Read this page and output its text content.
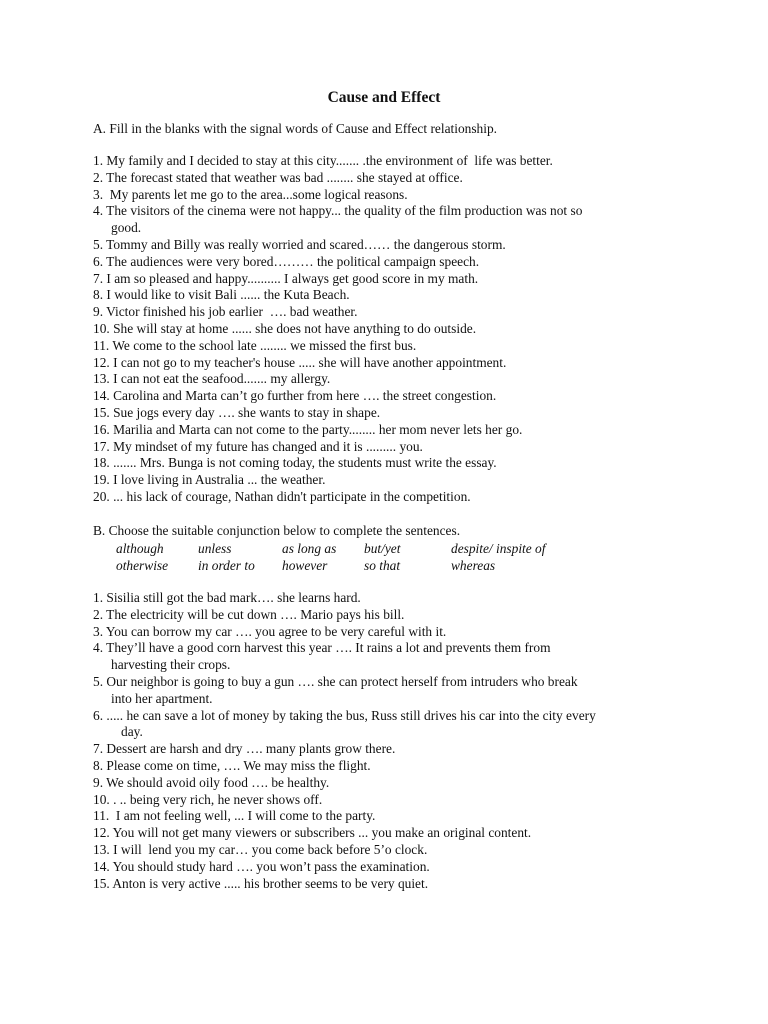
Cause and Effect
A. Fill in the blanks with the signal words of Cause and Effect relationship.
1. My family and I decided to stay at this city....... .the environment of  life was better.
2. The forecast stated that weather was bad ........ she stayed at office.
3.  My parents let me go to the area...some logical reasons.
4. The visitors of the cinema were not happy... the quality of the film production was not so
good.
5. Tommy and Billy was really worried and scared…… the dangerous storm.
6. The audiences were very bored……… the political campaign speech.
7. I am so pleased and happy.......... I always get good score in my math.
8. I would like to visit Bali ...... the Kuta Beach.
9. Victor finished his job earlier  …. bad weather.
10. She will stay at home ...... she does not have anything to do outside.
11. We come to the school late ........ we missed the first bus.
12. I can not go to my teacher's house ..... she will have another appointment.
13. I can not eat the seafood....... my allergy.
14. Carolina and Marta can’t go further from here …. the street congestion.
15. Sue jogs every day …. she wants to stay in shape.
16. Marilia and Marta can not come to the party........ her mom never lets her go.
17. My mindset of my future has changed and it is ......... you.
18. ....... Mrs. Bunga is not coming today, the students must write the essay.
19. I love living in Australia ... the weather.
20. ... his lack of courage, Nathan didn't participate in the competition.
B. Choose the suitable conjunction below to complete the sentences.
although	unless	as long as	but/yet	despite/ inspite of
otherwise	in order to	however	so that	whereas
1. Sisilia still got the bad mark…. she learns hard.
2. The electricity will be cut down …. Mario pays his bill.
3. You can borrow my car …. you agree to be very careful with it.
4. They’ll have a good corn harvest this year …. It rains a lot and prevents them from
harvesting their crops.
5. Our neighbor is going to buy a gun …. she can protect herself from intruders who break
into her apartment.
6. ..... he can save a lot of money by taking the bus, Russ still drives his car into the city every
day.
7. Dessert are harsh and dry …. many plants grow there.
8. Please come on time, …. We may miss the flight.
9. We should avoid oily food …. be healthy.
10. . .. being very rich, he never shows off.
11.  I am not feeling well, ... I will come to the party.
12. You will not get many viewers or subscribers ... you make an original content.
13. I will  lend you my car… you come back before 5’o clock.
14. You should study hard …. you won’t pass the examination.
15. Anton is very active ..... his brother seems to be very quiet.
